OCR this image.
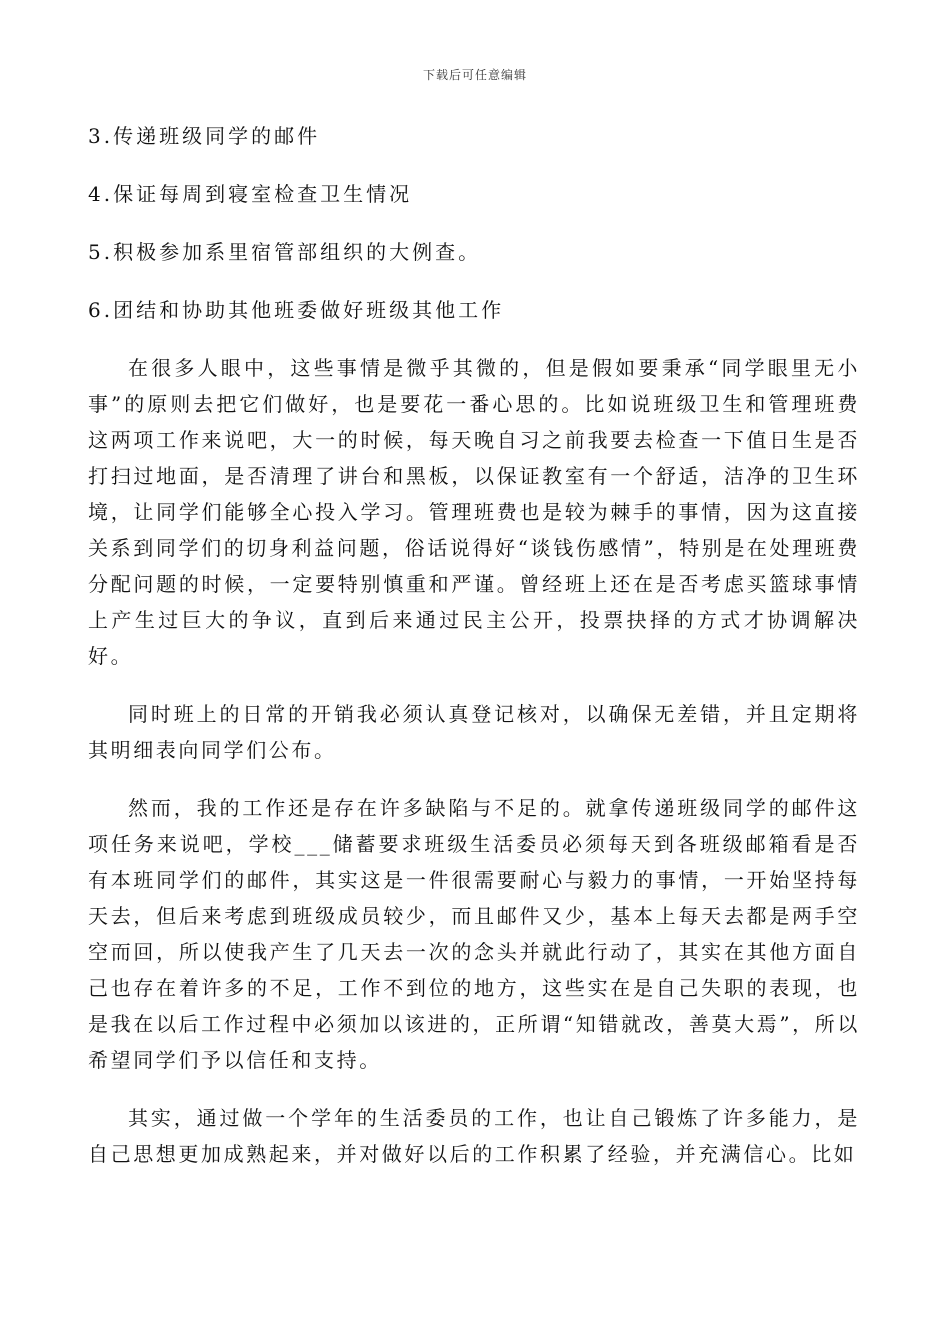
下载后可任意编辑
3.传递班级同学的邮件
4.保证每周到寝室检查卫生情况
5.积极参加系里宿管部组织的大例查。
6.团结和协助其他班委做好班级其他工作

在很多人眼中，这些事情是微乎其微的，但是假如要秉承“同学眼里无小事”的原则去把它们做好，也是要花一番心思的。比如说班级卫生和管理班费这两项工作来说吧，大一的时候，每天晚自习之前我要去检查一下值日生是否打扫过地面，是否清理了讲台和黑板，以保证教室有一个舒适，洁净的卫生环境，让同学们能够全心投入学习。管理班费也是较为棘手的事情，因为这直接关系到同学们的切身利益问题，俗话说得好“谈钱伤感情”，特别是在处理班费分配问题的时候，一定要特别慎重和严谨。曾经班上还在是否考虑买篮球事情上产生过巨大的争议，直到后来通过民主公开，投票抉择的方式才协调解决好。

同时班上的日常的开销我必须认真登记核对，以确保无差错，并且定期将其明细表向同学们公布。

然而，我的工作还是存在许多缺陷与不足的。就拿传递班级同学的邮件这项任务来说吧，学校___储蓄要求班级生活委员必须每天到各班级邮箱看是否有本班同学们的邮件，其实这是一件很需要耐心与毅力的事情，一开始坚持每天去，但后来考虑到班级成员较少，而且邮件又少，基本上每天去都是两手空空而回，所以使我产生了几天去一次的念头并就此行动了，其实在其他方面自己也存在着许多的不足，工作不到位的地方，这些实在是自己失职的表现，也是我在以后工作过程中必须加以该进的，正所谓“知错就改，善莫大焉”，所以希望同学们予以信任和支持。

其实，通过做一个学年的生活委员的工作，也让自己锻炼了许多能力，是自己思想更加成熟起来，并对做好以后的工作积累了经验，并充满信心。比如
